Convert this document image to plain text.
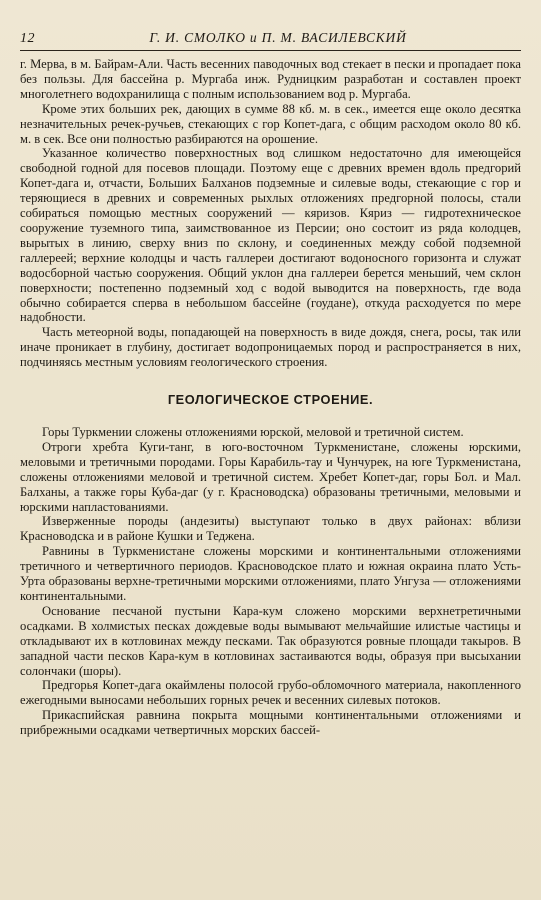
12	Г. И. СМОЛКО и П. М. ВАСИЛЕВСКИЙ

г. Мерва, в м. Байрам-Али. Часть весенних паводочных вод стекает в пески и пропадает пока без пользы. Для бассейна р. Мургаба инж. Рудницким разработан и составлен проект многолетнего водохранилища с полным использованием вод р. Мургаба.

Кроме этих больших рек, дающих в сумме 88 кб. м. в сек., имеется еще около десятка незначительных речек-ручьев, стекающих с гор Копет-дага, с общим расходом около 80 кб. м. в сек. Все они полностью разбираются на орошение.

Указанное количество поверхностных вод слишком недостаточно для имеющейся свободной годной для посевов площади. Поэтому еще с древних времен вдоль предгорий Копет-дага и, отчасти, Больших Балханов подземные и силевые воды, стекающие с гор и теряющиеся в древних и современных рыхлых отложениях предгорной полосы, стали собираться помощью местных сооружений — кяризов. Кяриз — гидротехническое сооружение туземного типа, заимствованное из Персии; оно состоит из ряда колодцев, вырытых в линию, сверху вниз по склону, и соединенных между собой подземной галлереей; верхние колодцы и часть галлереи достигают водоносного горизонта и служат водосборной частью сооружения. Общий уклон дна галлереи берется меньший, чем склон поверхности; постепенно подземный ход с водой выводится на поверхность, где вода обычно собирается сперва в небольшом бассейне (гоудане), откуда расходуется по мере надобности.

Часть метеорной воды, попадающей на поверхность в виде дождя, снега, росы, так или иначе проникает в глубину, достигает водопроницаемых пород и распространяется в них, подчиняясь местным условиям геологического строения.

ГЕОЛОГИЧЕСКОЕ СТРОЕНИЕ.

Горы Туркмении сложены отложениями юрской, меловой и третичной систем.

Отроги хребта Куги-танг, в юго-восточном Туркменистане, сложены юрскими, меловыми и третичными породами. Горы Карабиль-тау и Чунчурек, на юге Туркменистана, сложены отложениями меловой и третичной систем. Хребет Копет-даг, горы Бол. и Мал. Балханы, а также горы Куба-даг (у г. Красноводска) образованы третичными, меловыми и юрскими напластованиями.

Изверженные породы (андезиты) выступают только в двух районах: вблизи Красноводска и в районе Кушки и Теджена.

Равнины в Туркменистане сложены морскими и континентальными отложениями третичного и четвертичного периодов. Красноводское плато и южная окраина плато Усть-Урта образованы верхне-третичными морскими отложениями, плато Унгуза — отложениями континентальными.

Основание песчаной пустыни Кара-кум сложено морскими верхнетретичными осадками. В холмистых песках дождевые воды вымывают мельчайшие илистые частицы и откладывают их в котловинах между песками. Так образуются ровные площади такыров. В западной части песков Кара-кум в котловинах застаиваются воды, образуя при высыхании солончаки (шоры).

Предгорья Копет-дага окаймлены полосой грубо-обломочного материала, накопленного ежегодными выносами небольших горных речек и весенних силевых потоков.

Прикаспийская равнина покрыта мощными континентальными отложениями и прибрежными осадками четвертичных морских бассей-
